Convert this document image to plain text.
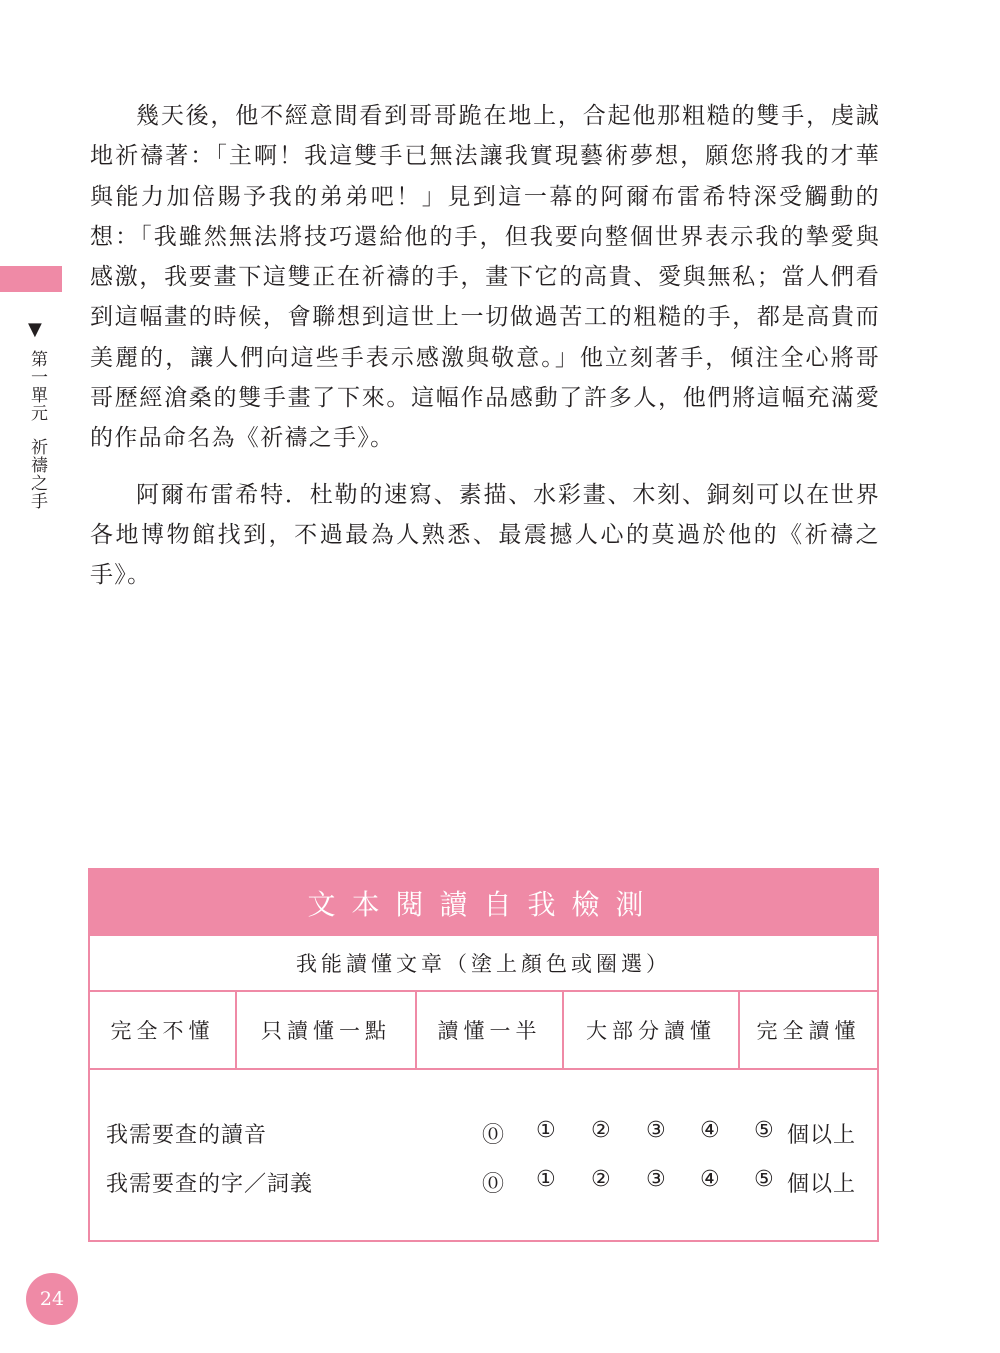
▼
第一單元祈禱之手

幾天後，他不經意間看到哥哥跪在地上，合起他那粗糙的雙手，虔誠地祈禱著：「主啊！我這雙手已無法讓我實現藝術夢想，願您將我的才華與能力加倍賜予我的弟弟吧！」見到這一幕的阿爾布雷希特深受觸動的想：「我雖然無法將技巧還給他的手，但我要向整個世界表示我的摯愛與感激，我要畫下這雙正在祈禱的手，畫下它的高貴、愛與無私；當人們看到這幅畫的時候，會聯想到這世上一切做過苦工的粗糙的手，都是高貴而美麗的，讓人們向這些手表示感激與敬意。」他立刻著手，傾注全心將哥哥歷經滄桑的雙手畫了下來。這幅作品感動了許多人，他們將這幅充滿愛的作品命名為《祈禱之手》。

阿爾布雷希特．杜勒的速寫、素描、水彩畫、木刻、銅刻可以在世界各地博物館找到，不過最為人熟悉、最震撼人心的莫過於他的《祈禱之手》。

文本閱讀自我檢測
我能讀懂文章（塗上顏色或圈選）
完全不懂	只讀懂一點	讀懂一半	大部分讀懂	完全讀懂
我需要查的讀音	⓪ ① ② ③ ④ ⑤ 個以上
我需要查的字／詞義	⓪ ① ② ③ ④ ⑤ 個以上
24
